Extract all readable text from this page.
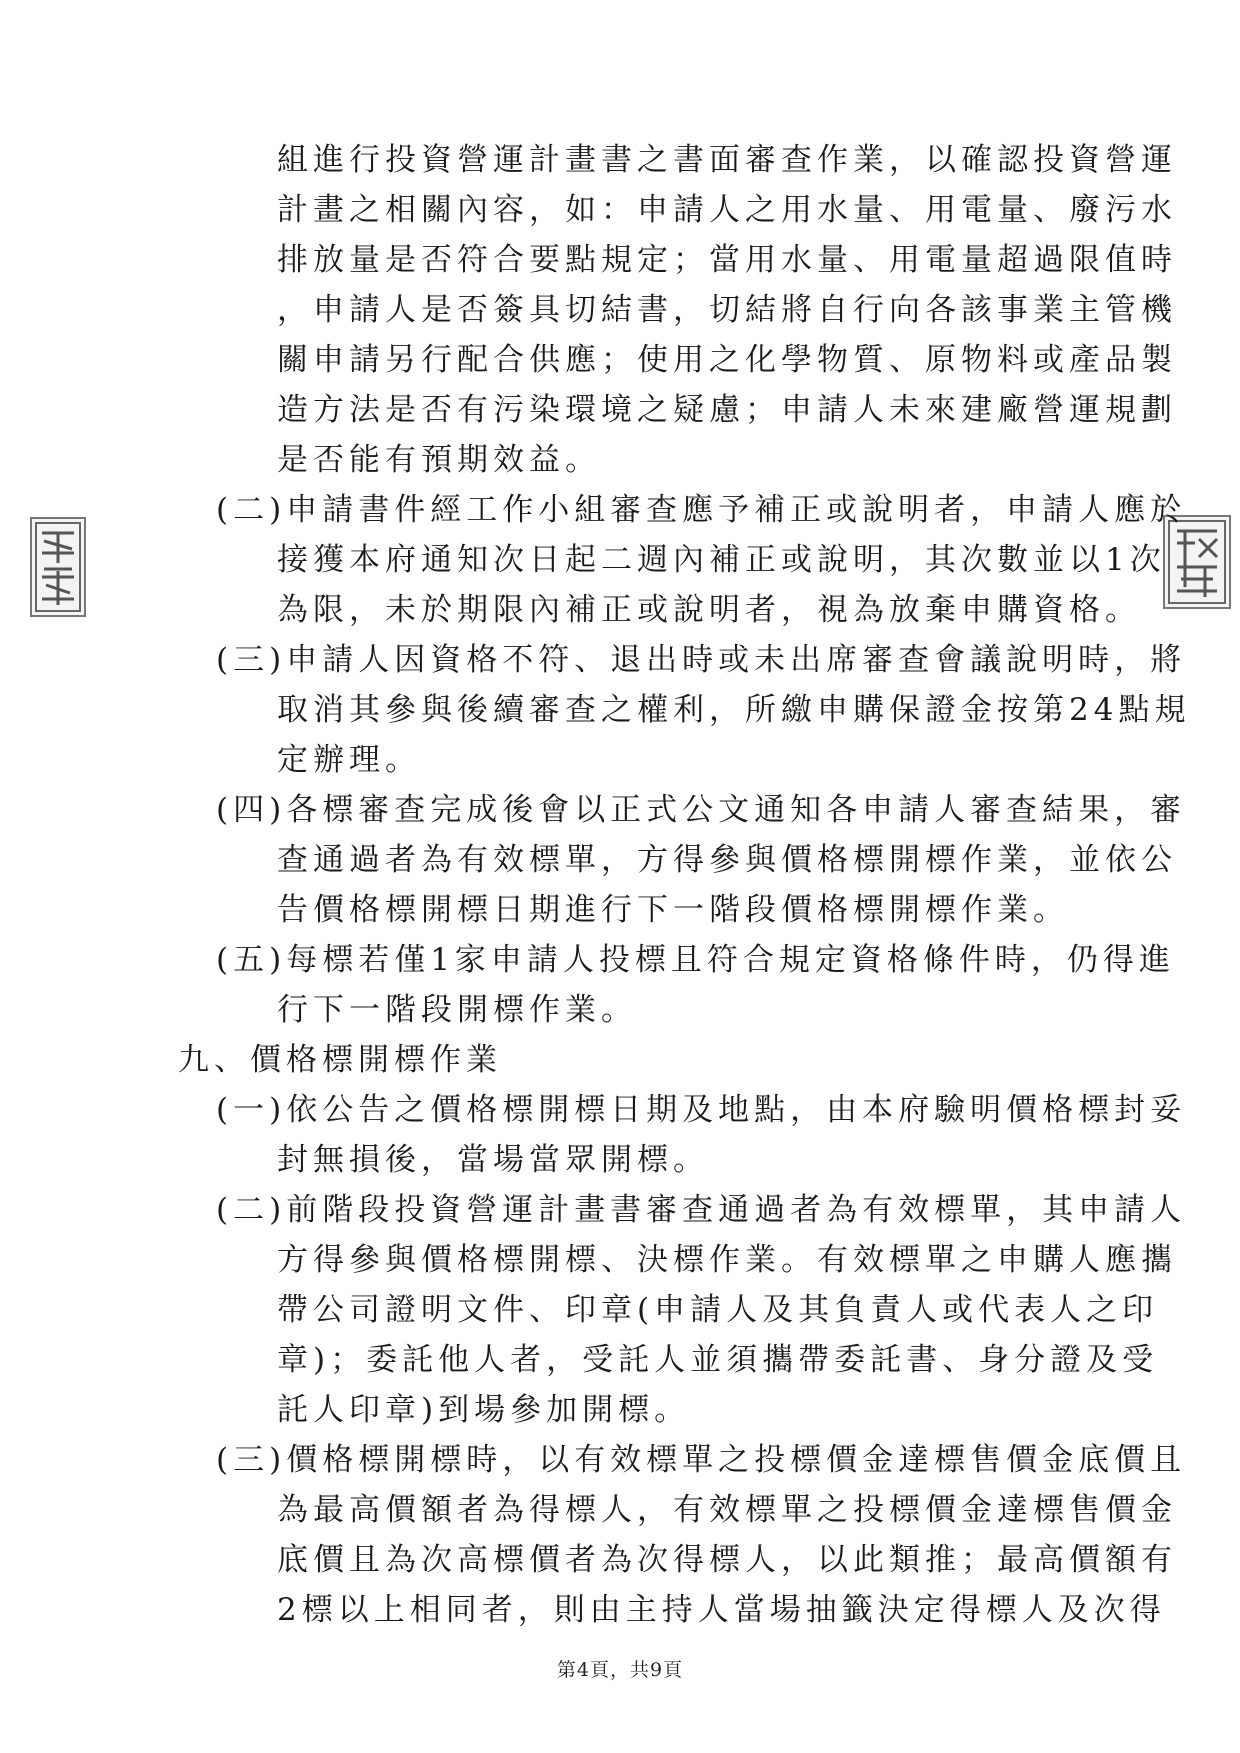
組進行投資營運計畫書之書面審查作業，以確認投資營運
計畫之相關內容，如：申請人之用水量、用電量、廢污水
排放量是否符合要點規定；當用水量、用電量超過限值時
，申請人是否簽具切結書，切結將自行向各該事業主管機
關申請另行配合供應；使用之化學物質、原物料或產品製
造方法是否有污染環境之疑慮；申請人未來建廠營運規劃
是否能有預期效益。
(二)申請書件經工作小組審查應予補正或說明者，申請人應於
接獲本府通知次日起二週內補正或說明，其次數並以1次
為限，未於期限內補正或說明者，視為放棄申購資格。
(三)申請人因資格不符、退出時或未出席審查會議說明時，將
取消其參與後續審查之權利，所繳申購保證金按第24點規
定辦理。
(四)各標審查完成後會以正式公文通知各申請人審查結果，審
查通過者為有效標單，方得參與價格標開標作業，並依公
告價格標開標日期進行下一階段價格標開標作業。
(五)每標若僅1家申請人投標且符合規定資格條件時，仍得進
行下一階段開標作業。
九、價格標開標作業
(一)依公告之價格標開標日期及地點，由本府驗明價格標封妥
封無損後，當場當眾開標。
(二)前階段投資營運計畫書審查通過者為有效標單，其申請人
方得參與價格標開標、決標作業。有效標單之申購人應攜
帶公司證明文件、印章(申請人及其負責人或代表人之印
章)；委託他人者，受託人並須攜帶委託書、身分證及受
託人印章)到場參加開標。
(三)價格標開標時，以有效標單之投標價金達標售價金底價且
為最高價額者為得標人，有效標單之投標價金達標售價金
底價且為次高標價者為次得標人，以此類推；最高價額有
2標以上相同者，則由主持人當場抽籤決定得標人及次得
第4頁，共9頁
